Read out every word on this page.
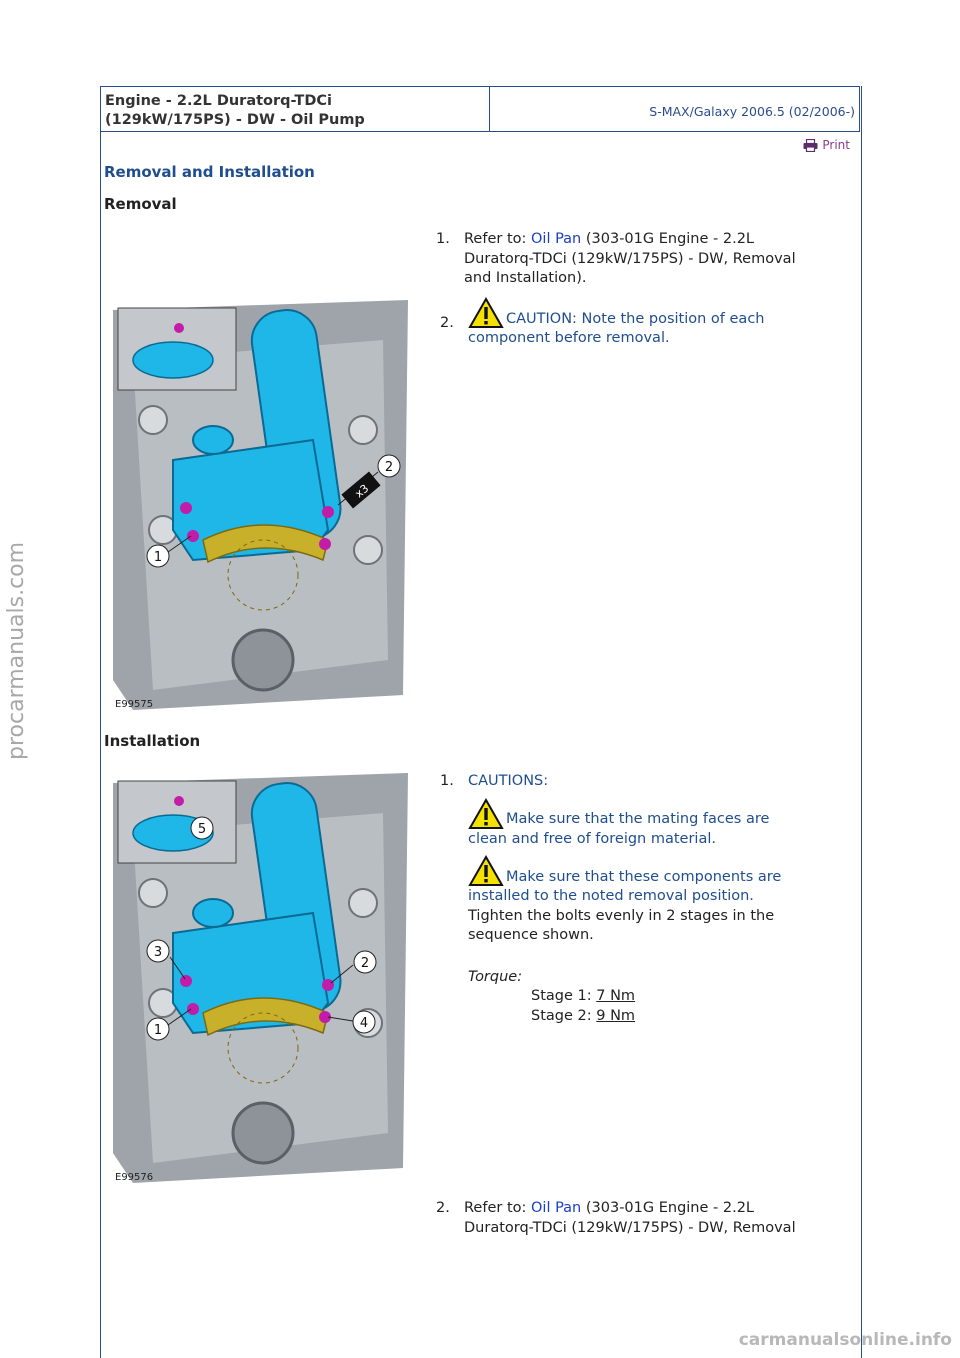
Engine - 2.2L Duratorq-TDCi
(129kW/175PS) - DW - Oil Pump
S-MAX/Galaxy 2006.5 (02/2006-)
Print
Removal and Installation
Removal
1. Refer to: Oil Pan (303-01G Engine - 2.2L
Duratorq-TDCi (129kW/175PS) - DW, Removal
and Installation).
2.	CAUTION: Note the position of each
component before removal.
2
1
x3
E99575
Installation
5
3
2
1	4
E99576
1. CAUTIONS:
Make sure that the mating faces are
clean and free of foreign material.
Make sure that these components are
installed to the noted removal position.
Tighten the bolts evenly in 2 stages in the
sequence shown.
Torque:
Stage 1: 7 Nm
Stage 2: 9 Nm
2. Refer to: Oil Pan (303-01G Engine - 2.2L
Duratorq-TDCi (129kW/175PS) - DW, Removal
procarmanuals.com
carmanualsonline.info
